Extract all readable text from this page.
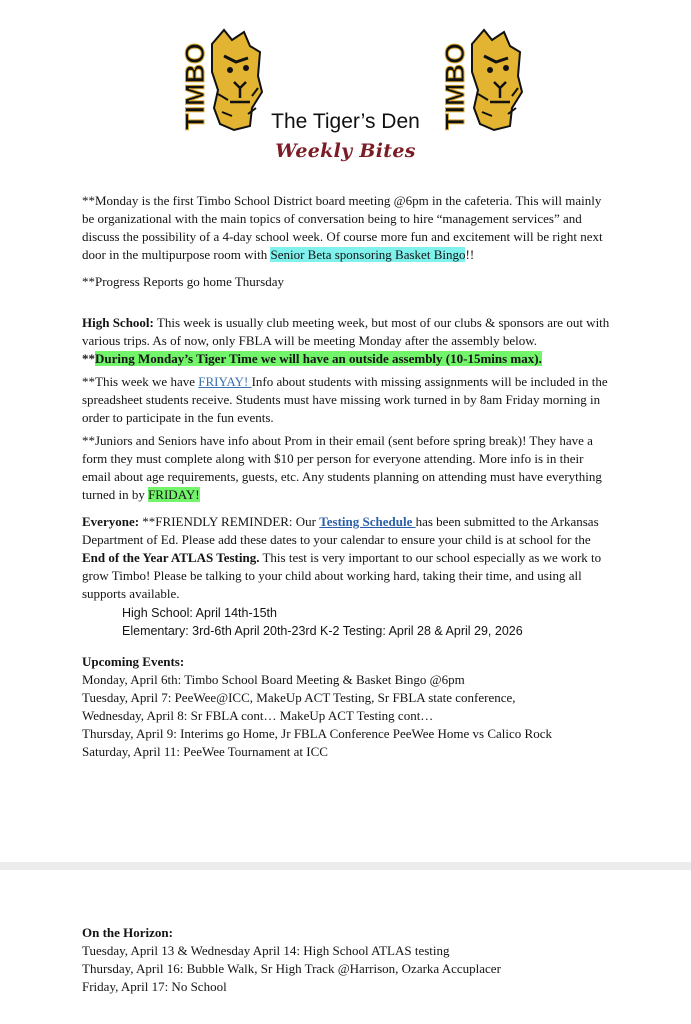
TIMBO	TIMBO
The Tiger’s Den
Weekly Bites

**Monday is the first Timbo School District board meeting @6pm in the cafeteria. This will mainly be organizational with the main topics of conversation being to hire “management services” and discuss the possibility of a 4-day school week. Of course more fun and excitement will be right next door in the multipurpose room with Senior Beta sponsoring Basket Bingo!!

**Progress Reports go home Thursday

High School: This week is usually club meeting week, but most of our clubs & sponsors are out with various trips. As of now, only FBLA will be meeting Monday after the assembly below.

**During Monday’s Tiger Time we will have an outside assembly (10-15mins max).

**This week we have FRIYAY! Info about students with missing assignments will be included in the spreadsheet students receive. Students must have missing work turned in by 8am Friday morning in order to participate in the fun events.

**Juniors and Seniors have info about Prom in their email (sent before spring break)! They have a form they must complete along with $10 per person for everyone attending. More info is in their email about age requirements, guests, etc. Any students planning on attending must have everything turned in by FRIDAY!

Everyone: **FRIENDLY REMINDER: Our Testing Schedule has been submitted to the Arkansas Department of Ed. Please add these dates to your calendar to ensure your child is at school for the End of the Year ATLAS Testing. This test is very important to our school especially as we work to grow Timbo! Please be talking to your child about working hard, taking their time, and using all supports available.

High School: April 14th-15th

Elementary: 3rd-6th April 20th-23rd K-2 Testing: April 28 & April 29, 2026

Upcoming Events:

Monday, April 6th: Timbo School Board Meeting & Basket Bingo @6pm

Tuesday, April 7: PeeWee@ICC, MakeUp ACT Testing, Sr FBLA state conference,

Wednesday, April 8: Sr FBLA cont… MakeUp ACT Testing cont…

Thursday, April 9: Interims go Home, Jr FBLA Conference PeeWee Home vs Calico Rock

Saturday, April 11: PeeWee Tournament at ICC

On the Horizon:

Tuesday, April 13 & Wednesday April 14: High School ATLAS testing

Thursday, April 16: Bubble Walk, Sr High Track @Harrison, Ozarka Accuplacer

Friday, April 17: No School
